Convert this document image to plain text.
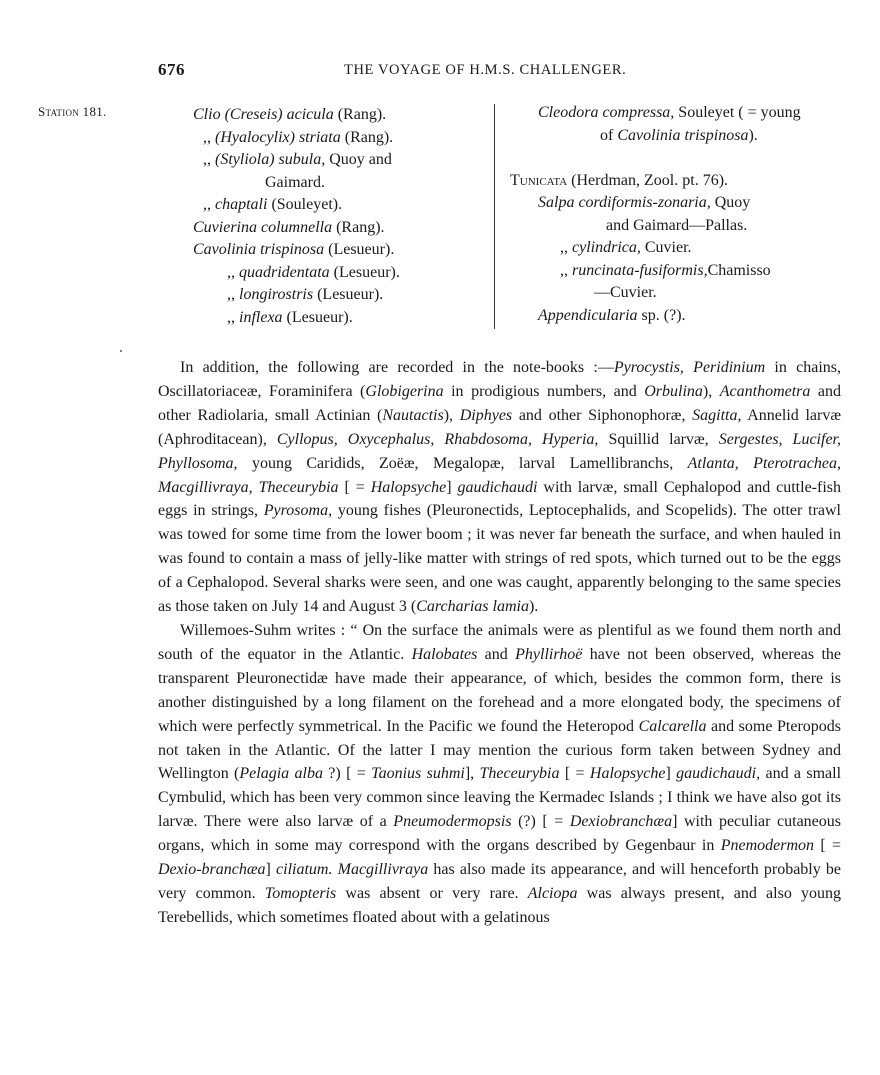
676	THE VOYAGE OF H.M.S. CHALLENGER.
Station 181.	Clio (Creseis) acicula (Rang).
,, (Hyalocylix) striata (Rang).
,, (Styliola) subula, Quoy and
Gaimard.
,, chaptali (Souleyet).
Cuvierina columnella (Rang).
Cavolinia trispinosa (Lesueur).
,, quadridentata (Lesueur).
,, longirostris (Lesueur).
,, inflexa (Lesueur).
Cleodora compressa, Souleyet ( = young
of Cavolinia trispinosa).

Tunicata (Herdman, Zool. pt. 76).
Salpa cordiformis-zonaria, Quoy
and Gaimard—Pallas.
,, cylindrica, Cuvier.
,, runcinata-fusiformis,Chamisso
—Cuvier.
Appendicularia sp. (?).

In addition, the following are recorded in the note-books :—Pyrocystis, Peridinium in chains, Oscillatoriaceæ, Foraminifera (Globigerina in prodigious numbers, and Orbulina), Acanthometra and other Radiolaria, small Actinian (Nautactis), Diphyes and other Siphonophoræ, Sagitta, Annelid larvæ (Aphroditacean), Cyllopus, Oxycephalus, Rhabdosoma, Hyperia, Squillid larvæ, Sergestes, Lucifer, Phyllosoma, young Caridids, Zoëæ, Megalopæ, larval Lamellibranchs, Atlanta, Pterotrachea, Macgillivraya, Theceurybia [ = Halopsyche] gaudichaudi with larvæ, small Cephalopod and cuttle-fish eggs in strings, Pyrosoma, young fishes (Pleuronectids, Leptocephalids, and Scopelids). The otter trawl was towed for some time from the lower boom ; it was never far beneath the surface, and when hauled in was found to contain a mass of jelly-like matter with strings of red spots, which turned out to be the eggs of a Cephalopod. Several sharks were seen, and one was caught, apparently belonging to the same species as those taken on July 14 and August 3 (Carcharias lamia).

Willemoes-Suhm writes : “ On the surface the animals were as plentiful as we found them north and south of the equator in the Atlantic. Halobates and Phyllirhoë have not been observed, whereas the transparent Pleuronectidæ have made their appearance, of which, besides the common form, there is another distinguished by a long filament on the forehead and a more elongated body, the specimens of which were perfectly symmetrical. In the Pacific we found the Heteropod Calcarella and some Pteropods not taken in the Atlantic. Of the latter I may mention the curious form taken between Sydney and Wellington (Pelagia alba ?) [ = Taonius suhmi], Theceurybia [ = Halopsyche] gaudichaudi, and a small Cymbulid, which has been very common since leaving the Kermadec Islands ; I think we have also got its larvæ. There were also larvæ of a Pneumodermopsis (?) [ = Dexiobranchæa] with peculiar cutaneous organs, which in some may correspond with the organs described by Gegenbaur in Pnemodermon [ = Dexio-branchæa] ciliatum. Macgillivraya has also made its appearance, and will henceforth probably be very common. Tomopteris was absent or very rare. Alciopa was always present, and also young Terebellids, which sometimes floated about with a gelatinous
